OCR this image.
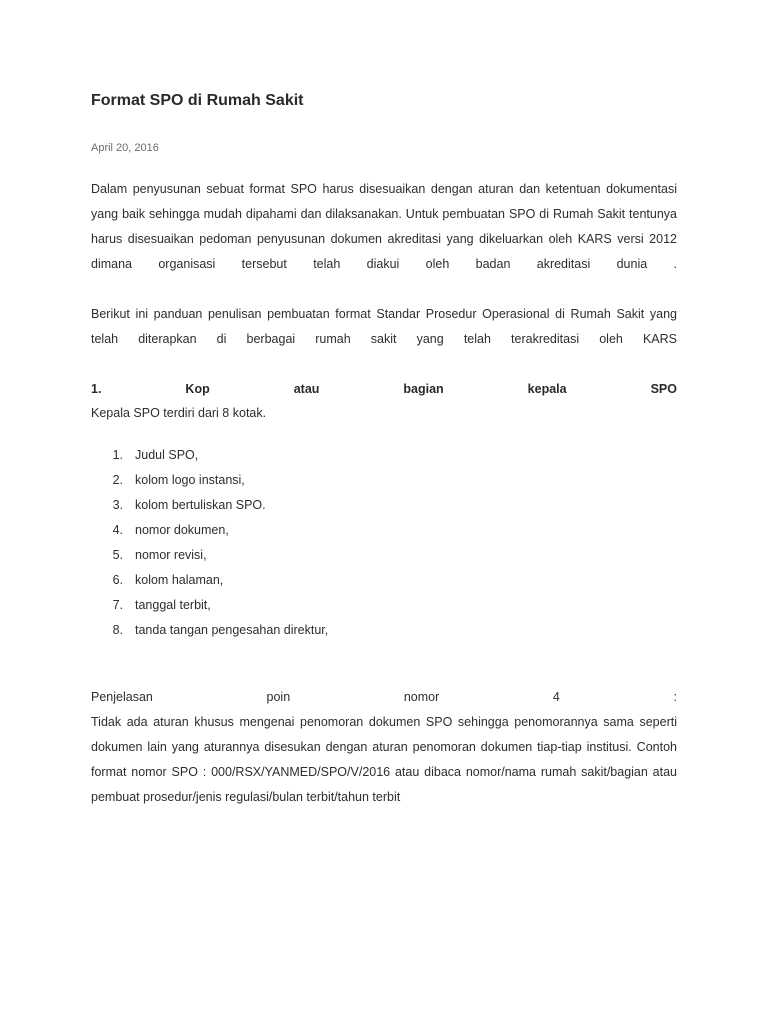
Format SPO di Rumah Sakit
April 20, 2016

Dalam penyusunan sebuat format SPO harus disesuaikan dengan aturan dan ketentuan dokumentasi yang baik sehingga mudah dipahami dan dilaksanakan. Untuk pembuatan SPO di Rumah Sakit tentunya harus disesuaikan pedoman penyusunan dokumen akreditasi yang dikeluarkan oleh KARS versi 2012 dimana organisasi tersebut telah diakui oleh badan akreditasi dunia .

Berikut ini panduan penulisan pembuatan format Standar Prosedur Operasional di Rumah Sakit yang telah diterapkan di berbagai rumah sakit yang telah terakreditasi oleh KARS

1. Kop atau bagian kepala SPO

Kepala SPO terdiri dari 8 kotak.
1. Judul SPO,
2. kolom logo instansi,
3. kolom bertuliskan SPO.
4. nomor dokumen,
5. nomor revisi,
6. kolom halaman,
7. tanggal terbit,
8. tanda tangan pengesahan direktur,

Penjelasan poin nomor 4 :
Tidak ada aturan khusus mengenai penomoran dokumen SPO sehingga penomorannya sama seperti dokumen lain yang aturannya disesukan dengan aturan penomoran dokumen tiap-tiap institusi. Contoh format nomor SPO : 000/RSX/YANMED/SPO/V/2016 atau dibaca nomor/nama rumah sakit/bagian atau pembuat prosedur/jenis regulasi/bulan terbit/tahun terbit
